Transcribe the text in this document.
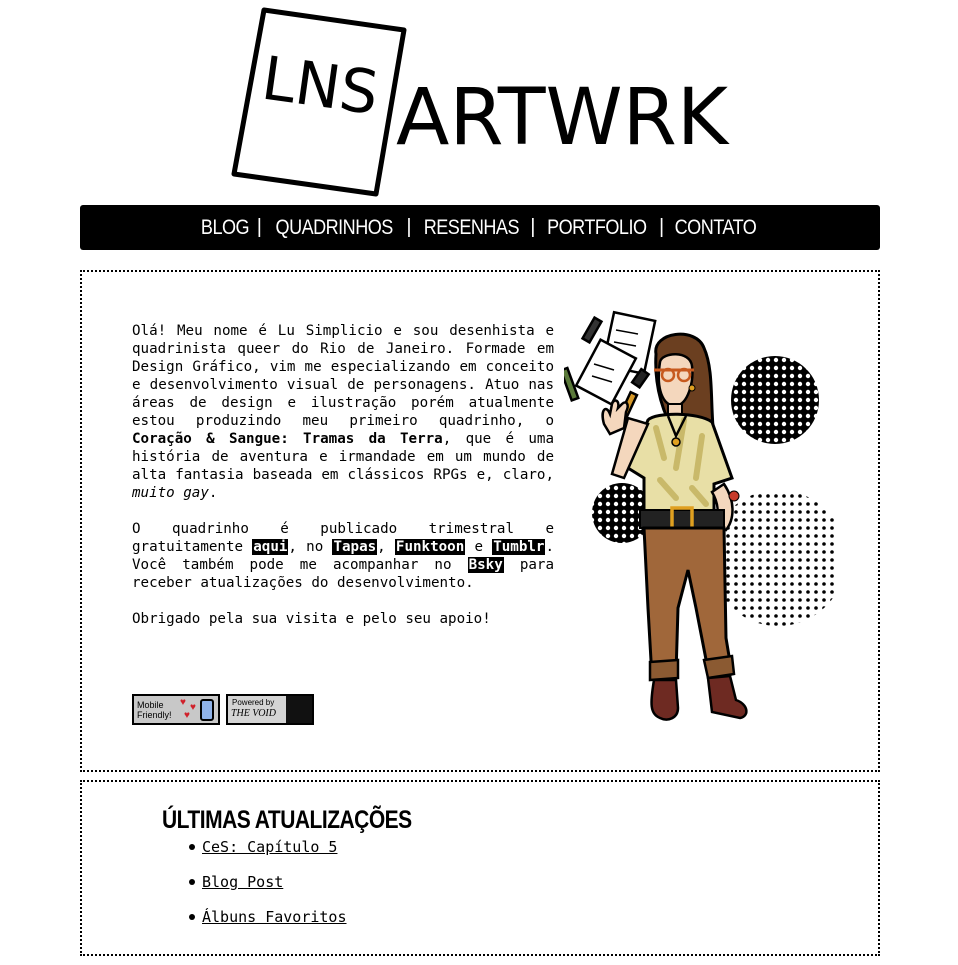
LNS ARTWRK
BLOG | QUADRINHOS | RESENHAS | PORTFOLIO | CONTATO

Olá! Meu nome é Lu Simplicio e sou desenhista e quadrinista queer do Rio de Janeiro. Formade em Design Gráfico, vim me especializando em conceito e desenvolvimento visual de personagens. Atuo nas áreas de design e ilustração porém atualmente estou produzindo meu primeiro quadrinho, o Coração & Sangue: Tramas da Terra, que é uma história de aventura e irmandade em um mundo de alta fantasia baseada em clássicos RPGs e, claro, muito gay.

O quadrinho é publicado trimestral e gratuitamente aqui, no Tapas, Funktoon e Tumblr. Você também pode me acompanhar no Bsky para receber atualizações do desenvolvimento.

Obrigado pela sua visita e pelo seu apoio!

Mobile
Friendly!
♥ ♥
♥
Powered by
THE VOID
ÚLTIMAS ATUALIZAÇÕES
CeS: Capítulo 5
Blog Post
Álbuns Favoritos
